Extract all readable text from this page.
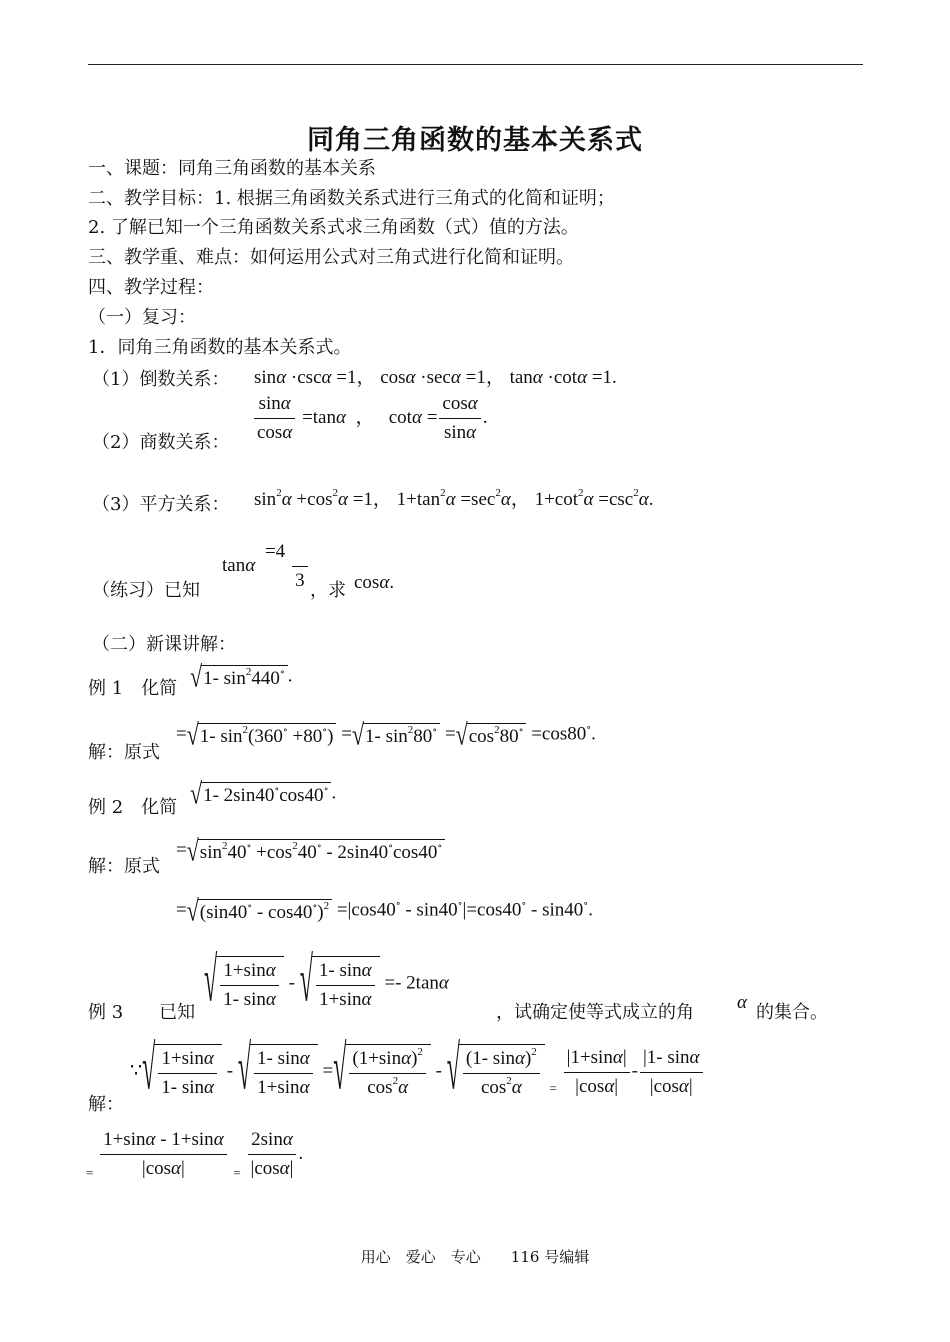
同角三角函数的基本关系式
一、课题：同角三角函数的基本关系
二、教学目标：1. 根据三角函数关系式进行三角式的化简和证明；
2. 了解已知一个三角函数关系式求三角函数（式）值的方法。
三、教学重、难点：如何运用公式对三角式进行化简和证明。
四、教学过程：
（一）复习：
1．同角三角函数的基本关系式。
（1）倒数关系： sinα ·cscα =1， cosα ·secα =1， tanα ·cotα =1.
（2）商数关系： $\frac{\sin\alpha}{\cos\alpha} =\tan\alpha$  ，   $\cot\alpha = \frac{\cos\alpha}{\sin\alpha}$ .
（3）平方关系： $\sin^2\alpha +\cos^2\alpha =1$， $1+\tan^2\alpha =\sec^2\alpha$， $1+\cot^2\alpha =\csc^2\alpha$.
（练习）已知
tanα
=4

3 ，求 cosα.
（二）新课讲解：
例 1　化简 √1- $\sin^2440^\circ$ .
解：原式
=√1- $\sin^2(360^\circ +80^\circ) =√1-$ $\sin^280^\circ =√\cos^280^\circ =\cos 80^\circ$.
例 2　化简 √1- 2sin40∘cos40∘ .
解：原式
$=√\sin^240^\circ +\cos^240^\circ - 2\sin 40^\circ\cos 40^\circ$
=√(sin40∘ - cos40∘)$^2$ =|cos40∘ - sin40∘|=cos40∘ - sin40∘.
例 3　　已知 √ $\frac{1+\sin\alpha}{1- \sin\alpha}$ - √ $\frac{1- \sin\alpha}{1+\sin\alpha} =- 2\tan\alpha$
，试确定使等式成立的角 α 的集合。
解：
∵√ $\frac{1+\sin\alpha}{1- \sin\alpha}$ - √ $\frac{1- \sin\alpha}{1+\sin\alpha}$ =√ $\frac{(1+\sin\alpha)^2}{\cos^2\alpha}$ - √ $\frac{(1- \sin\alpha)^2}{\cos^2\alpha} _= \frac{|1+\sin\alpha|}{|\cos\alpha|} - \frac{|1- \sin\alpha}{|\cos\alpha|}$
$_= \frac{1+\sin\alpha - 1+\sin\alpha}{|\cos\alpha|} _= \frac{2\sin\alpha}{|\cos\alpha|}$ .
用心　爱心　专心　　116 号编辑
